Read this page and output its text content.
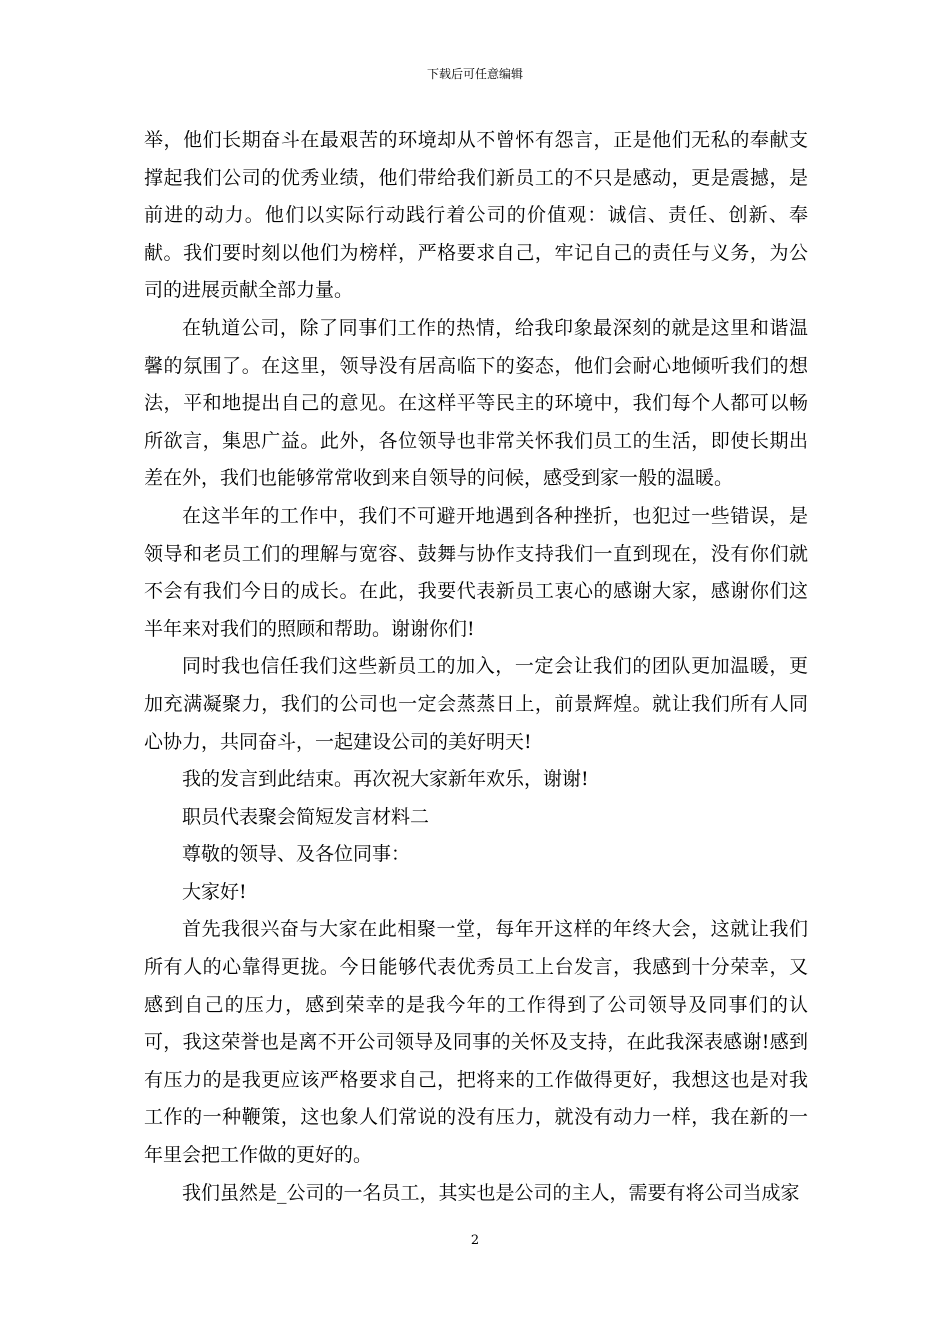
下载后可任意编辑

举，他们长期奋斗在最艰苦的环境却从不曾怀有怨言，正是他们无私的奉献支撑起我们公司的优秀业绩，他们带给我们新员工的不只是感动，更是震撼，是前进的动力。他们以实际行动践行着公司的价值观：诚信、责任、创新、奉献。我们要时刻以他们为榜样，严格要求自己，牢记自己的责任与义务，为公司的进展贡献全部力量。

在轨道公司，除了同事们工作的热情，给我印象最深刻的就是这里和谐温馨的氛围了。在这里，领导没有居高临下的姿态，他们会耐心地倾听我们的想法，平和地提出自己的意见。在这样平等民主的环境中，我们每个人都可以畅所欲言，集思广益。此外，各位领导也非常关怀我们员工的生活，即使长期出差在外，我们也能够常常收到来自领导的问候，感受到家一般的温暖。

在这半年的工作中，我们不可避开地遇到各种挫折，也犯过一些错误，是领导和老员工们的理解与宽容、鼓舞与协作支持我们一直到现在，没有你们就不会有我们今日的成长。在此，我要代表新员工衷心的感谢大家，感谢你们这半年来对我们的照顾和帮助。谢谢你们!

同时我也信任我们这些新员工的加入，一定会让我们的团队更加温暖，更加充满凝聚力，我们的公司也一定会蒸蒸日上，前景辉煌。就让我们所有人同心协力，共同奋斗，一起建设公司的美好明天!

我的发言到此结束。再次祝大家新年欢乐，谢谢!

职员代表聚会简短发言材料二

尊敬的领导、及各位同事：

大家好!

首先我很兴奋与大家在此相聚一堂，每年开这样的年终大会，这就让我们所有人的心靠得更拢。今日能够代表优秀员工上台发言，我感到十分荣幸，又感到自己的压力，感到荣幸的是我今年的工作得到了公司领导及同事们的认可，我这荣誉也是离不开公司领导及同事的关怀及支持，在此我深表感谢!感到有压力的是我更应该严格要求自己，把将来的工作做得更好，我想这也是对我工作的一种鞭策，这也象人们常说的没有压力，就没有动力一样，我在新的一年里会把工作做的更好的。

我们虽然是_公司的一名员工，其实也是公司的主人，需要有将公司当成家

2
